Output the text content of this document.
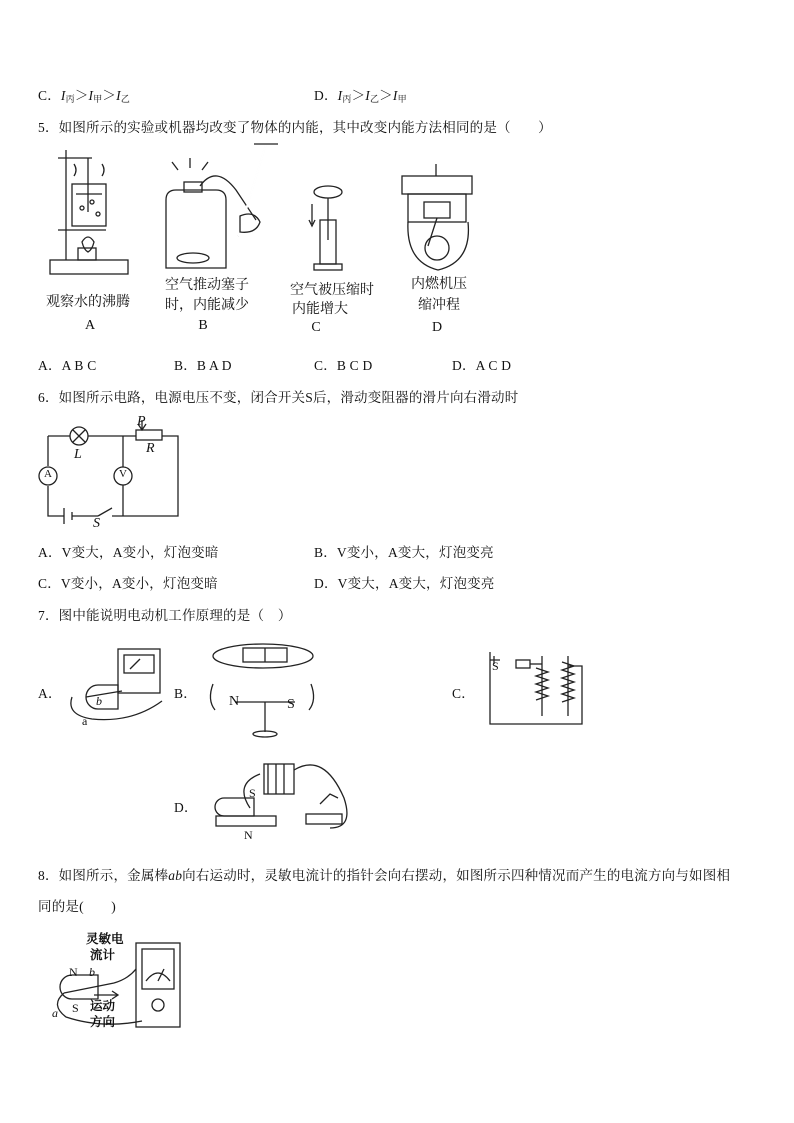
C．$I_丙>I_甲>I_乙$	D．$I_丙>I_乙>I_甲$
5．如图所示的实验或机器均改变了物体的内能，其中改变内能方法相同的是（　　）
观察水的沸腾
A
空气推动塞子
时，内能减少
B
空气被压缩时
内能增大
C
内燃机压
缩冲程
D
A．A B C	B．B A D	C．B C D	D．A C D
6．如图所示电路，电源电压不变，闭合开关S后，滑动变阻器的滑片向右滑动时
P
R
L
A	V
S
A．V变大，A变小，灯泡变暗	B．V变小，A变大，灯泡变亮
C．V变小，A变小，灯泡变暗	D．V变大，A变大，灯泡变亮
7．图中能说明电动机工作原理的是（　）
A．	b
a
B．
N	S
C．
S
D．
S
N
8．如图所示，金属棒ab向右运动时，灵敏电流计的指针会向右摆动，如图所示四种情况而产生的电流方向与如图相
同的是(　　)
灵敏电
流计
N b
S
a	运动
方向
